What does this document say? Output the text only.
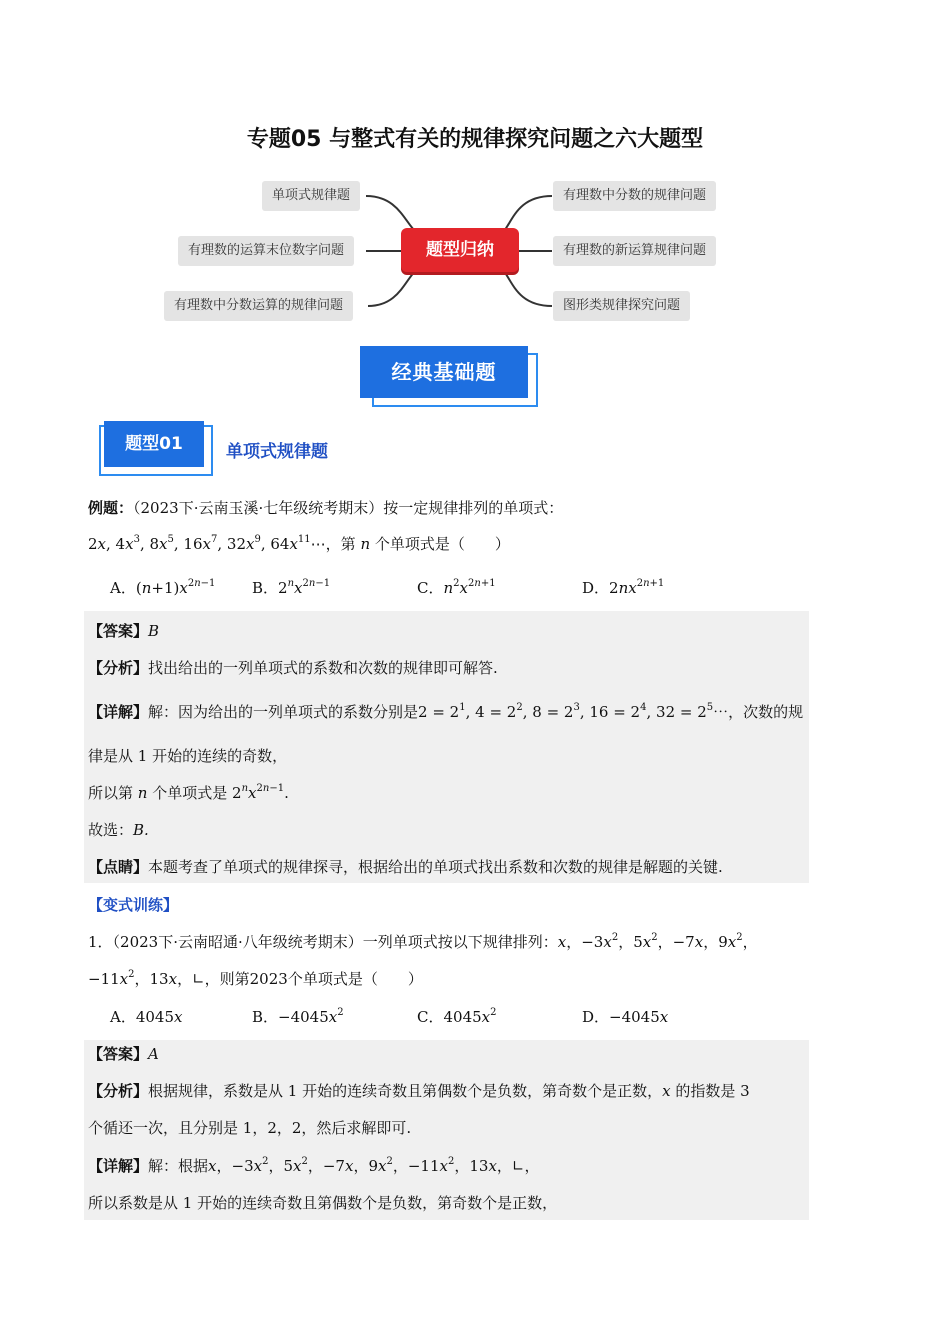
专题05 与整式有关的规律探究问题之六大题型
单项式规律题
有理数的运算末位数字问题
有理数中分数运算的规律问题
有理数中分数的规律问题
有理数的新运算规律问题
图形类规律探究问题
题型归纳
经典基础题
题型01	单项式规律题
例题：（2023下·云南玉溪·七年级统考期末）按一定规律排列的单项式：
2x, $4x^3$, $8x^5$, $16x^7$, $32x^9$, $64x^{11}\cdots$，第 n 个单项式是（　　）
A．$(n+1)x^{2n-1}$ B．$2^nx^{2n-1}$	C．$n^2x^{2n+1}$	D．$2nx^{2n+1}$
【答案】B
【分析】找出给出的一列单项式的系数和次数的规律即可解答.
【详解】解：因为给出的一列单项式的系数分别是$2 = 2^1$, $4 = 2^2$, $8 = 2^3$, $16 = 2^4$, $32 = 2^5\cdots$，次数的规
律是从 1 开始的连续的奇数，
所以第 n 个单项式是 $2^nx^{2n-1}$.
故选：B.
【点睛】本题考查了单项式的规律探寻，根据给出的单项式找出系数和次数的规律是解题的关键.
【变式训练】
1．（2023下·云南昭通·八年级统考期末）一列单项式按以下规律排列：x，$-3x^2$，$5x^2$，−7x，$9x^2$，
$-11x^2$，13x，∟，则第2023个单项式是（　　）
A．4045x	B．$-4045x^2$	C．$4045x^2$	D．−4045x
【答案】A
【分析】根据规律，系数是从 1 开始的连续奇数且第偶数个是负数，第奇数个是正数，x 的指数是 3
个循还一次，且分别是 1，2，2，然后求解即可.
【详解】解：根据x，$-3x^2$，$5x^2$，−7x，$9x^2$，$-11x^2$，13x，∟，
所以系数是从 1 开始的连续奇数且第偶数个是负数，第奇数个是正数，
